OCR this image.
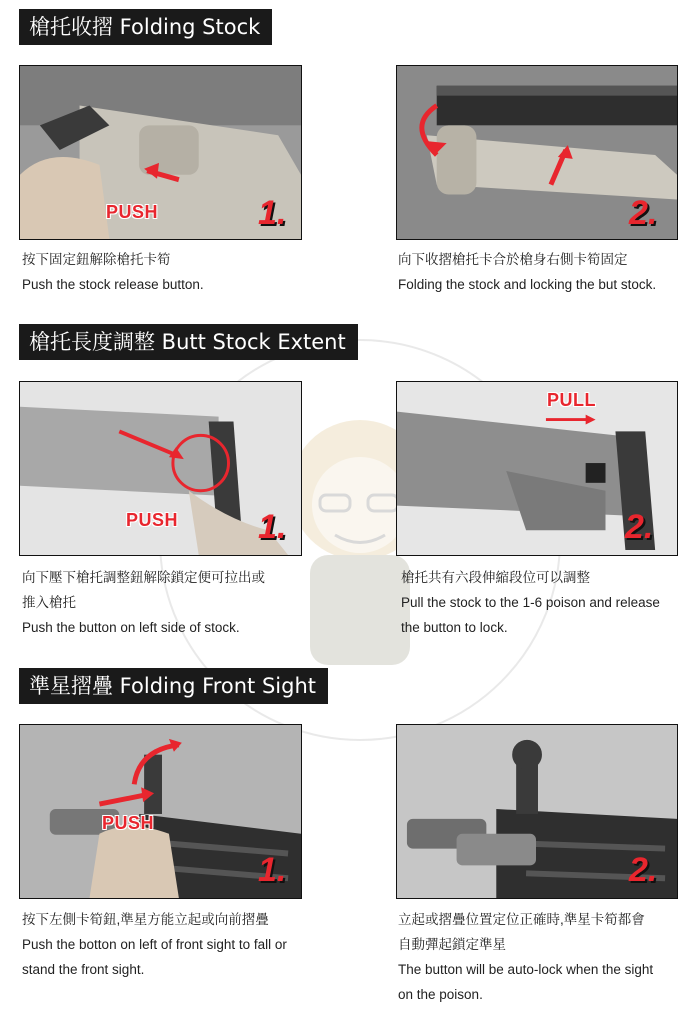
槍托收摺 Folding Stock
PUSH	1.	2.
按下固定鈕解除槍托卡筍
Push the stock release button.
向下收摺槍托卡合於槍身右側卡筍固定
Folding the stock and locking the but stock.
槍托長度調整 Butt Stock Extent
PUSH 1.
PULL
2.
向下壓下槍托調整鈕解除鎖定便可拉出或
推入槍托
Push the button on left side of stock.
槍托共有六段伸縮段位可以調整
Pull the stock to the 1-6 poison and release
the button to lock.
準星摺疊 Folding Front Sight
PUSH
1.	2.
按下左側卡筍鈕,準星方能立起或向前摺疊
Push the botton on left of front sight to fall or
stand the front sight.
立起或摺疊位置定位正確時,準星卡筍都會
自動彈起鎖定準星
The button will be auto-lock when the sight
on the poison.
